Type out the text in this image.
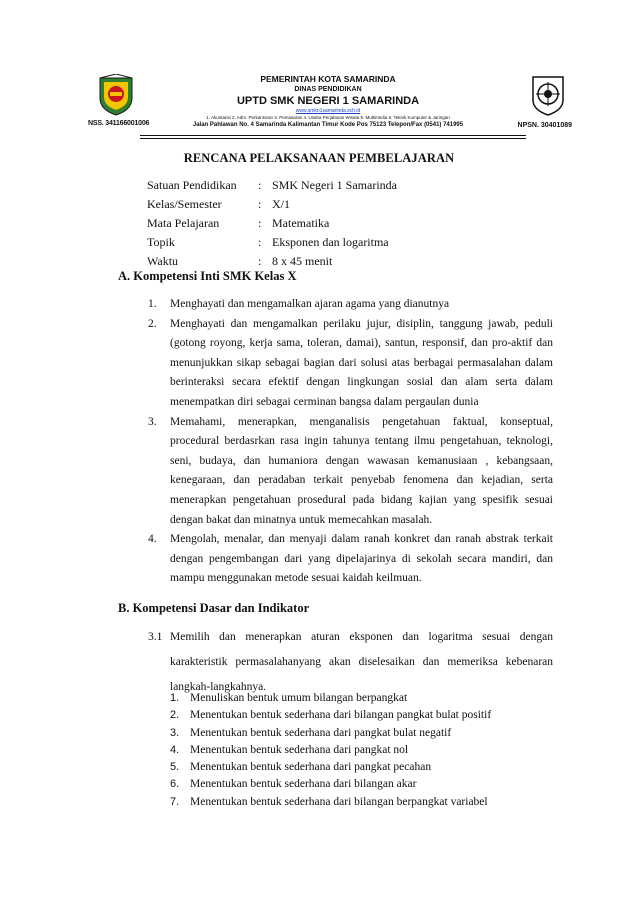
PEMERINTAH KOTA SAMARINDA
DINAS PENDIDIKAN
UPTD SMK NEGERI 1 SAMARINDA
www.smkn1samarinda.sch.id
1. Akuntansi 2. Adm. Perkantoran 3. Pemasaran 4. Usaha Perjalanan Wisata 5. Multimedia 6. Teknik Komputer & Jaringan
Jalan Pahlawan No. 4 Samarinda Kalimantan Timur Kode Pos 75123 Telepon/Fax (0541) 741995
NSS. 341166001006	NPSN. 30401089
RENCANA PELAKSANAAN PEMBELAJARAN
Satuan Pendidikan	: SMK Negeri 1 Samarinda
Kelas/Semester	: X/1
Mata Pelajaran	: Matematika
Topik	: Eksponen dan logaritma
Waktu	: 8 x 45 menit
A. Kompetensi Inti SMK Kelas X
1. Menghayati dan mengamalkan ajaran agama yang dianutnya
2. Menghayati dan mengamalkan perilaku jujur, disiplin, tanggung jawab, peduli (gotong royong, kerja sama, toleran, damai), santun, responsif, dan pro-aktif dan menunjukkan sikap sebagai bagian dari solusi atas berbagai permasalahan dalam berinteraksi secara efektif dengan lingkungan sosial dan alam serta dalam menempatkan diri sebagai cerminan bangsa dalam pergaulan dunia
3. Memahami, menerapkan, menganalisis pengetahuan faktual, konseptual, procedural berdasrkan rasa ingin tahunya tentang ilmu pengetahuan, teknologi, seni, budaya, dan humaniora dengan wawasan kemanusiaan , kebangsaan, kenegaraan, dan peradaban terkait penyebab fenomena dan kejadian, serta menerapkan pengetahuan prosedural pada bidang kajian yang spesifik sesuai dengan bakat dan minatnya untuk memecahkan masalah.
4. Mengolah, menalar, dan menyaji dalam ranah konkret dan ranah abstrak terkait dengan pengembangan dari yang dipelajarinya di sekolah secara mandiri, dan mampu menggunakan metode sesuai kaidah keilmuan.
B. Kompetensi Dasar dan Indikator
3.1 Memilih dan menerapkan aturan eksponen dan logaritma sesuai dengan karakteristik permasalahanyang akan diselesaikan dan memeriksa kebenaran langkah-langkahnya.
1. Menuliskan bentuk umum bilangan berpangkat
2. Menentukan bentuk sederhana dari bilangan pangkat bulat positif
3. Menentukan bentuk sederhana dari pangkat bulat negatif
4. Menentukan bentuk sederhana dari pangkat nol
5. Menentukan bentuk sederhana dari pangkat pecahan
6. Menentukan bentuk sederhana dari bilangan akar
7. Menentukan bentuk sederhana dari bilangan berpangkat variabel
